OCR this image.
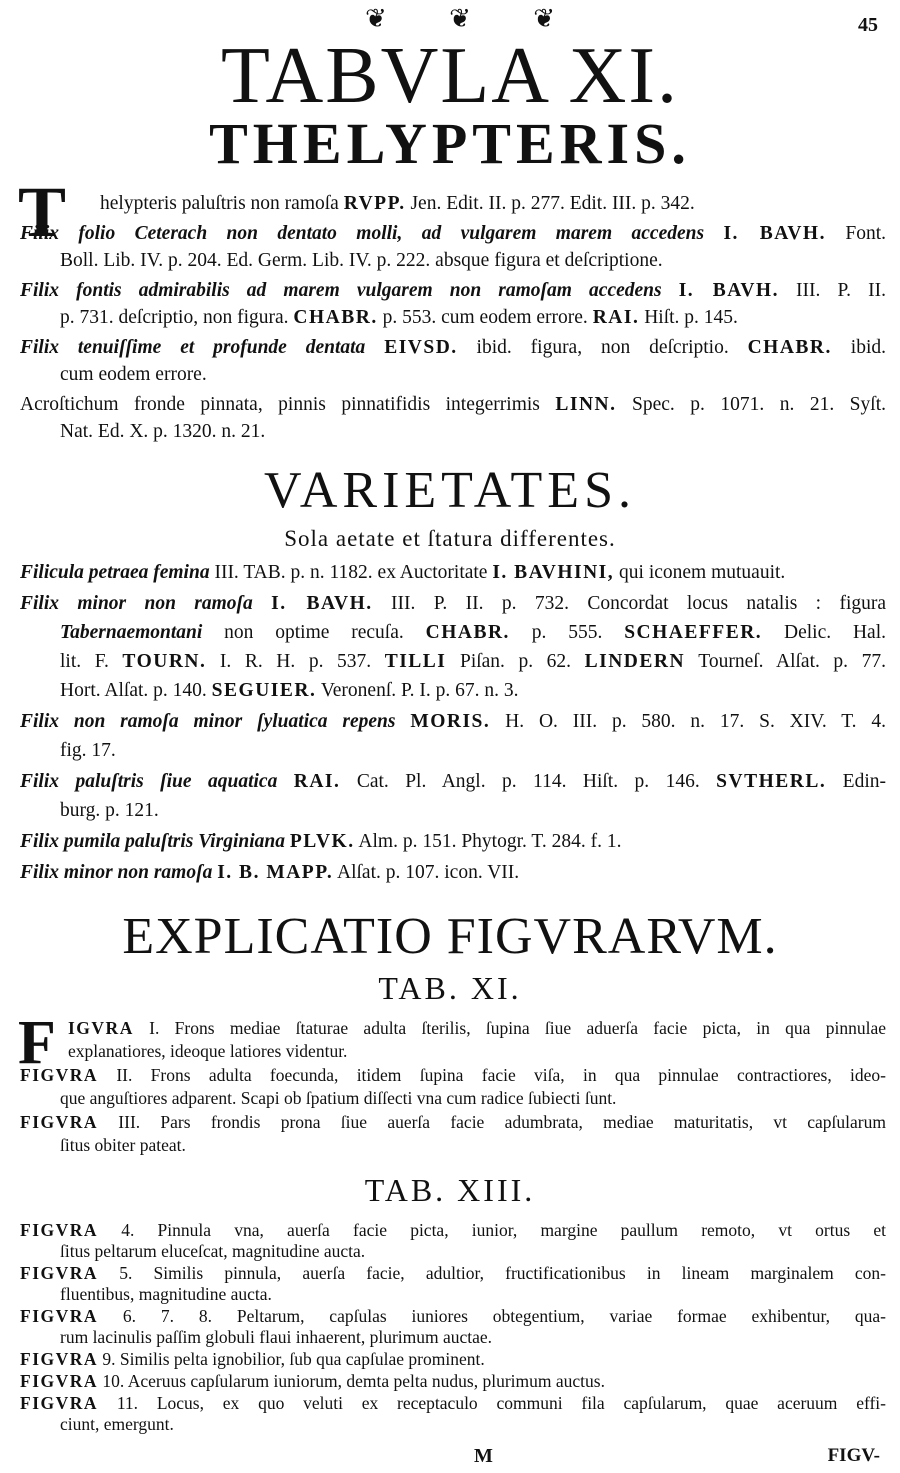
❦ ❦ ❦	45
TABVLA XI.
THELYPTERIS.
T	helypteris paluſtris non ramoſa RVPP. Jen. Edit. II. p. 277. Edit. III. p. 342.
Filix folio Ceterach non dentato molli, ad vulgarem marem accedens I. BAVH. Font.
Boll. Lib. IV. p. 204. Ed. Germ. Lib. IV. p. 222. absque figura et deſcriptione.
Filix fontis admirabilis ad marem vulgarem non ramoſam accedens I. BAVH. III. P. II.
p. 731. deſcriptio, non figura. CHABR. p. 553. cum eodem errore. RAI. Hiſt. p. 145.
Filix tenuiſſime et profunde dentata EIVSD. ibid. figura, non deſcriptio. CHABR. ibid.
cum eodem errore.
Acroſtichum fronde pinnata, pinnis pinnatifidis integerrimis LINN. Spec. p. 1071. n. 21. Syſt.
Nat. Ed. X. p. 1320. n. 21.
VARIETATES.
Sola aetate et ſtatura differentes.
Filicula petraea femina III. TAB. p. n. 1182. ex Auctoritate I. BAVHINI, qui iconem mutuauit.
Filix minor non ramoſa I. BAVH. III. P. II. p. 732. Concordat locus natalis : figura
Tabernaemontani non optime recuſa. CHABR. p. 555. SCHAEFFER. Delic. Hal.
lit. F. TOURN. I. R. H. p. 537. TILLI Piſan. p. 62. LINDERN Tourneſ. Alſat. p. 77.
Hort. Alſat. p. 140. SEGUIER. Veronenſ. P. I. p. 67. n. 3.
Filix non ramoſa minor ſyluatica repens MORIS. H. O. III. p. 580. n. 17. S. XIV. T. 4.
fig. 17.
Filix paluſtris ſiue aquatica RAI. Cat. Pl. Angl. p. 114. Hiſt. p. 146. SVTHERL. Edin-
burg. p. 121.
Filix pumila paluſtris Virginiana PLVK. Alm. p. 151. Phytogr. T. 284. f. 1.
Filix minor non ramoſa I. B. MAPP. Alſat. p. 107. icon. VII.
EXPLICATIO FIGVRARVM.
TAB. XI.
F IGVRA I. Frons mediae ſtaturae adulta ſterilis, ſupina ſiue aduerſa facie picta, in qua pinnulae
explanatiores, ideoque latiores videntur.
FIGVRA II. Frons adulta foecunda, itidem ſupina facie viſa, in qua pinnulae contractiores, ideo-
que anguſtiores adparent. Scapi ob ſpatium diſſecti vna cum radice ſubiecti ſunt.
FIGVRA III. Pars frondis prona ſiue auerſa facie adumbrata, mediae maturitatis, vt capſularum
ſitus obiter pateat.
TAB. XIII.
FIGVRA 4. Pinnula vna, auerſa facie picta, iunior, margine paullum remoto, vt ortus et
ſitus peltarum eluceſcat, magnitudine aucta.
FIGVRA 5. Similis pinnula, auerſa facie, adultior, fructificationibus in lineam marginalem con-
fluentibus, magnitudine aucta.
FIGVRA 6. 7. 8. Peltarum, capſulas iuniores obtegentium, variae formae exhibentur, qua-
rum lacinulis paſſim globuli flaui inhaerent, plurimum auctae.
FIGVRA 9. Similis pelta ignobilior, ſub qua capſulae prominent.
FIGVRA 10. Aceruus capſularum iuniorum, demta pelta nudus, plurimum auctus.
FIGVRA 11. Locus, ex quo veluti ex receptaculo communi fila capſularum, quae aceruum effi-
ciunt, emergunt.
M	FIGV-
